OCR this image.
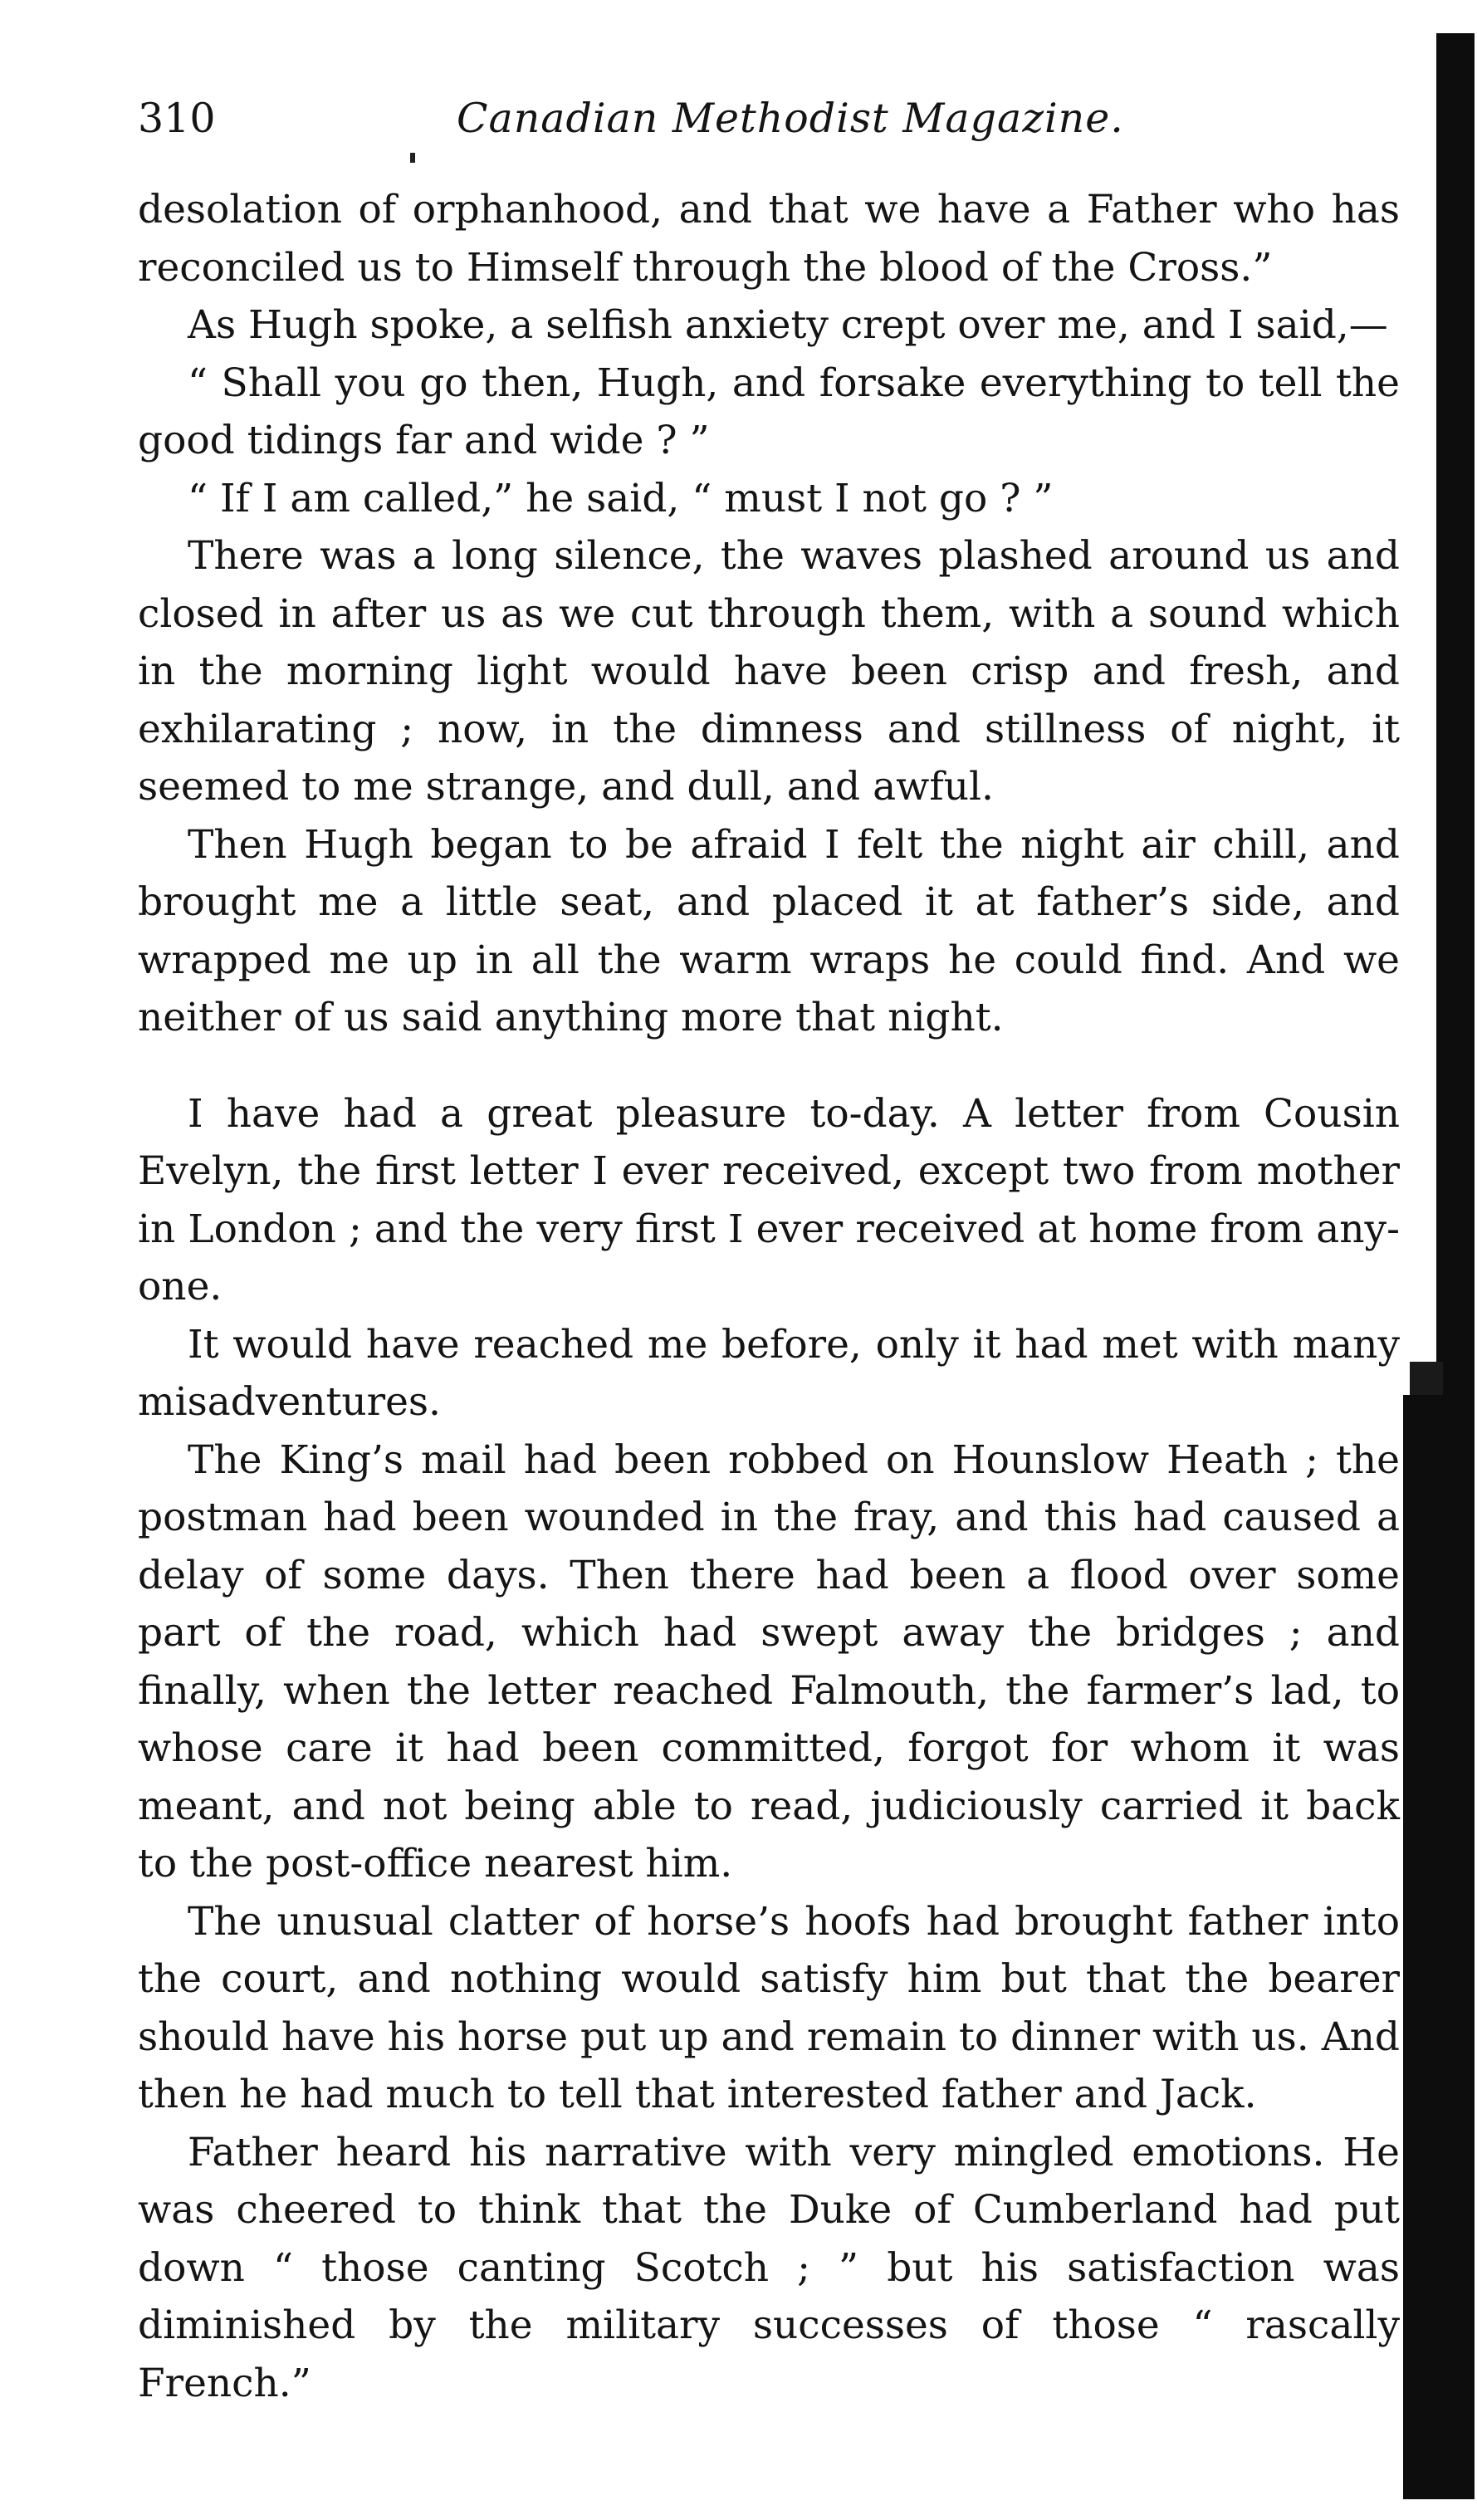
310	Canadian Methodist Magazine.

desolation of orphanhood, and that we have a Father who has reconciled us to Himself through the blood of the Cross.”

As Hugh spoke, a selfish anxiety crept over me, and I said,—

“ Shall you go then, Hugh, and forsake everything to tell the good tidings far and wide ? ”

“ If I am called,” he said, “ must I not go ? ”

There was a long silence, the waves plashed around us and closed in after us as we cut through them, with a sound which in the morning light would have been crisp and fresh, and exhilarating ; now, in the dimness and stillness of night, it seemed to me strange, and dull, and awful.

Then Hugh began to be afraid I felt the night air chill, and brought me a little seat, and placed it at father’s side, and wrapped me up in all the warm wraps he could find. And we neither of us said anything more that night.

I have had a great pleasure to-day. A letter from Cousin Evelyn, the first letter I ever received, except two from mother in London ; and the very first I ever received at home from any-one.

It would have reached me before, only it had met with many misadventures.

The King’s mail had been robbed on Hounslow Heath ; the postman had been wounded in the fray, and this had caused a delay of some days. Then there had been a flood over some part of the road, which had swept away the bridges ; and finally, when the letter reached Falmouth, the farmer’s lad, to whose care it had been committed, forgot for whom it was meant, and not being able to read, judiciously carried it back to the post-office nearest him.

The unusual clatter of horse’s hoofs had brought father into the court, and nothing would satisfy him but that the bearer should have his horse put up and remain to dinner with us. And then he had much to tell that interested father and Jack.

Father heard his narrative with very mingled emotions. He was cheered to think that the Duke of Cumberland had put down “ those canting Scotch ; ” but his satisfaction was diminished by the military successes of those “ rascally French.”
